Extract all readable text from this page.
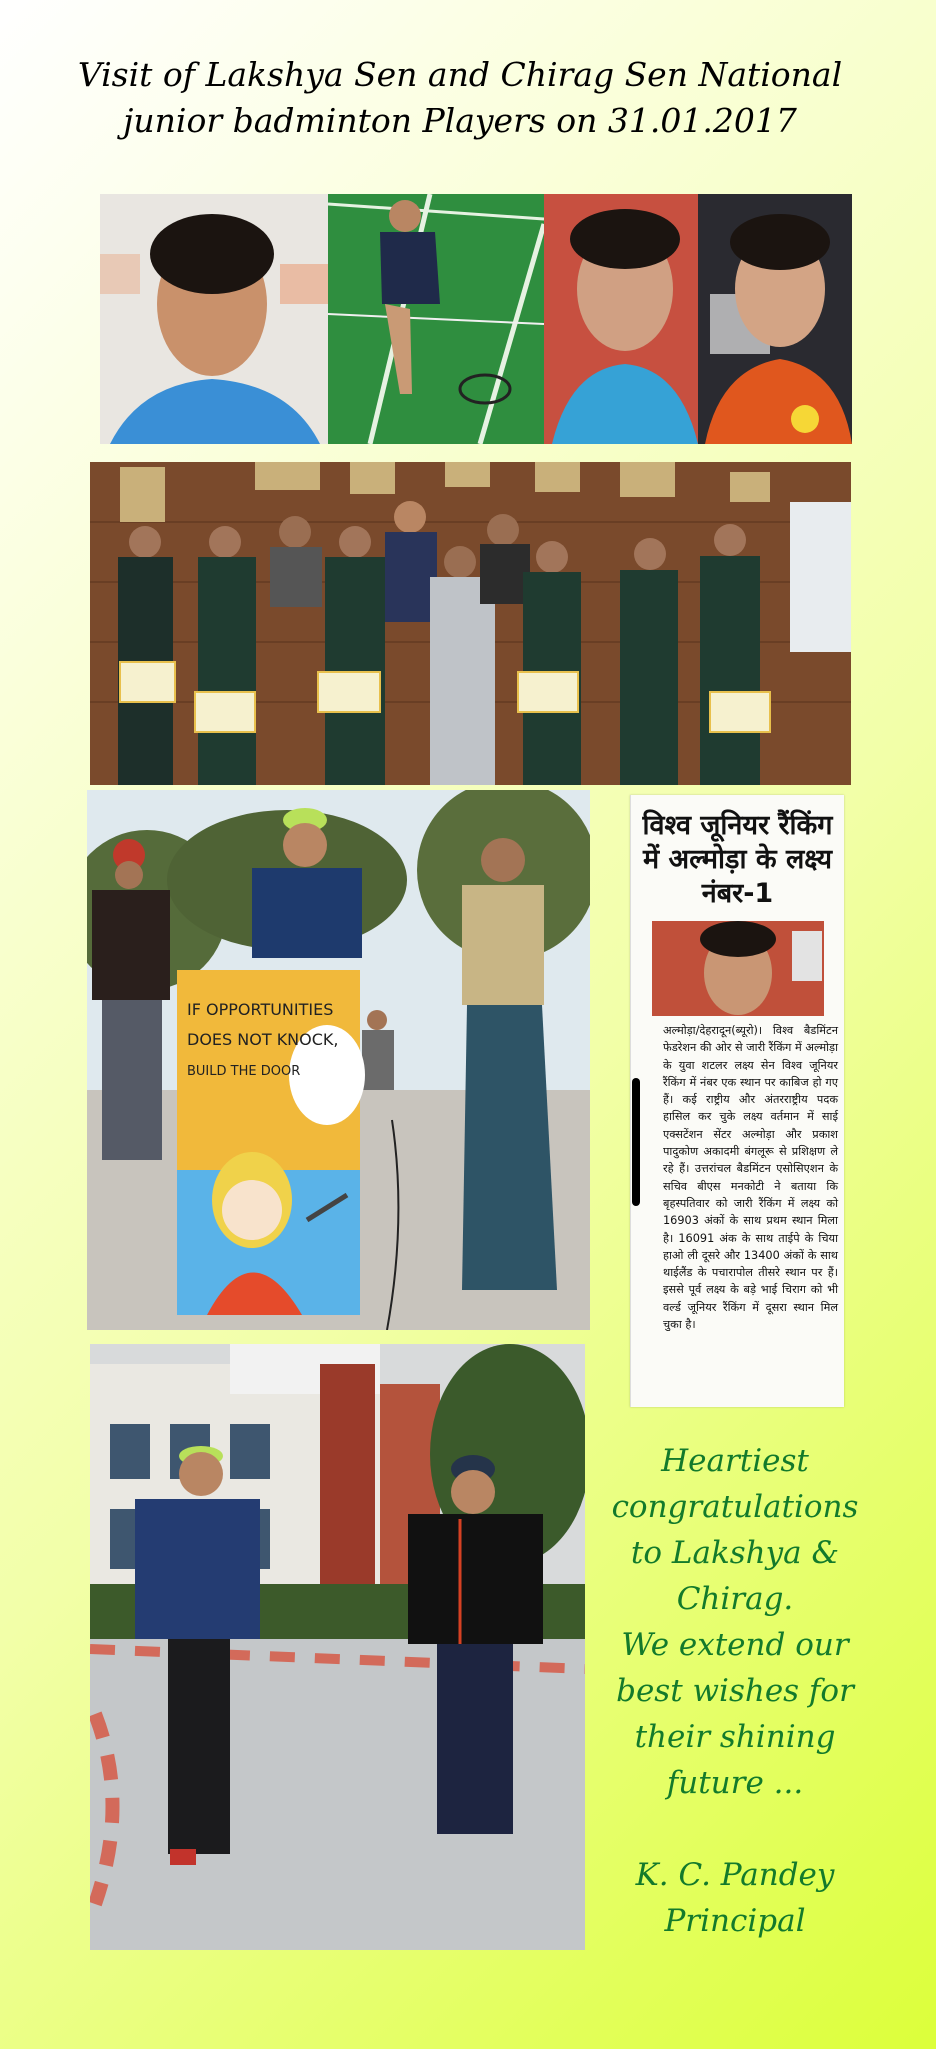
Visit of Lakshya Sen and Chirag Sen National
junior badminton Players on 31.01.2017
IF OPPORTUNITIES
DOES NOT KNOCK,
BUILD THE DOOR
विश्व जूनियर रैंकिंग में अल्मोड़ा के लक्ष्य नंबर-1
अल्मोड़ा/देहरादून(ब्यूरो)। विश्व बैडमिंटन फेडरेशन की ओर से जारी रैंकिंग में अल्मोड़ा के युवा शटलर लक्ष्य सेन विश्व जूनियर रैंकिंग में नंबर एक स्थान पर काबिज हो गए हैं। कई राष्ट्रीय और अंतरराष्ट्रीय पदक हासिल कर चुके लक्ष्य वर्तमान में साई एक्सटेंशन सेंटर अल्मोड़ा और प्रकाश पादुकोण अकादमी बंगलूरू से प्रशिक्षण ले रहे हैं। उत्तरांचल बैडमिंटन एसोसिएशन के सचिव बीएस मनकोटी ने बताया कि बृहस्पतिवार को जारी रैंकिंग में लक्ष्य को 16903 अंकों के साथ प्रथम स्थान मिला है। 16091 अंक के साथ ताईपे के चिया हाओ ली दूसरे और 13400 अंकों के साथ थाईलैंड के पचारापोल तीसरे स्थान पर हैं। इससे पूर्व लक्ष्य के बड़े भाई चिराग को भी वर्ल्ड जूनियर रैंकिंग में दूसरा स्थान मिल चुका है।
Heartiest
congratulations
to Lakshya &
Chirag.
We extend our
best wishes for
their shining
future ...
K. C. Pandey
Principal
